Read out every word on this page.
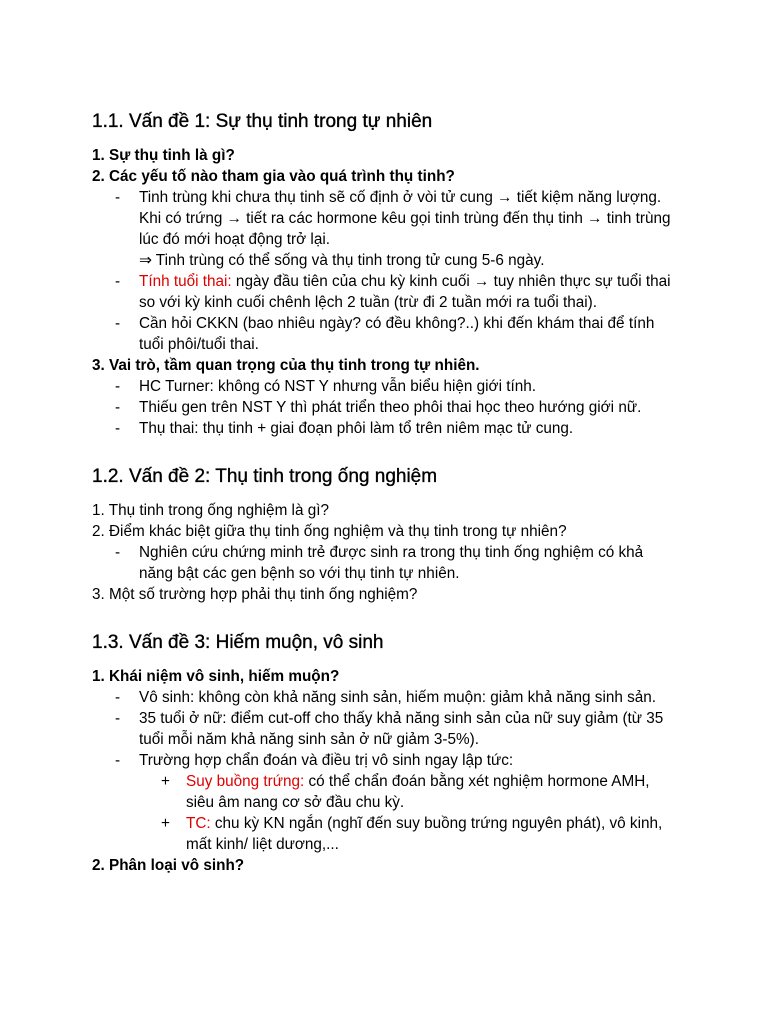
1.1. Vấn đề 1: Sự thụ tinh trong tự nhiên

1. Sự thụ tinh là gì?

2. Các yếu tố nào tham gia vào quá trình thụ tinh?

- Tinh trùng khi chưa thụ tinh sẽ cố định ở vòi tử cung → tiết kiệm năng lượng. Khi có trứng → tiết ra các hormone kêu gọi tinh trùng đến thụ tinh → tinh trùng lúc đó mới hoạt động trở lại.
⇒ Tinh trùng có thể sống và thụ tinh trong tử cung 5-6 ngày.
- Tính tuổi thai: ngày đầu tiên của chu kỳ kinh cuối → tuy nhiên thực sự tuổi thai so với kỳ kinh cuối chênh lệch 2 tuần (trừ đi 2 tuần mới ra tuổi thai).
- Cần hỏi CKKN (bao nhiêu ngày? có đều không?..) khi đến khám thai để tính tuổi phôi/tuổi thai.

3. Vai trò, tầm quan trọng của thụ tinh trong tự nhiên.

- HC Turner: không có NST Y nhưng vẫn biểu hiện giới tính.
- Thiếu gen trên NST Y thì phát triển theo phôi thai học theo hướng giới nữ.
- Thụ thai: thụ tinh + giai đoạn phôi làm tổ trên niêm mạc tử cung.
1.2. Vấn đề 2: Thụ tinh trong ống nghiệm

1. Thụ tinh trong ống nghiệm là gì?

2. Điểm khác biệt giữa thụ tinh ống nghiệm và thụ tinh trong tự nhiên?

- Nghiên cứu chứng minh trẻ được sinh ra trong thụ tinh ống nghiệm có khả năng bật các gen bệnh so với thụ tinh tự nhiên.

3. Một số trường hợp phải thụ tinh ống nghiệm?

1.3. Vấn đề 3: Hiếm muộn, vô sinh

1. Khái niệm vô sinh, hiếm muộn?

- Vô sinh: không còn khả năng sinh sản, hiếm muộn: giảm khả năng sinh sản.
- 35 tuổi ở nữ: điểm cut-off cho thấy khả năng sinh sản của nữ suy giảm (từ 35 tuổi mỗi năm khả năng sinh sản ở nữ giảm 3-5%).
- Trường hợp chẩn đoán và điều trị vô sinh ngay lập tức:
+ Suy buồng trứng: có thể chẩn đoán bằng xét nghiệm hormone AMH, siêu âm nang cơ sở đầu chu kỳ.
+ TC: chu kỳ KN ngắn (nghĩ đến suy buồng trứng nguyên phát), vô kinh, mất kinh/ liệt dương,...

2. Phân loại vô sinh?
